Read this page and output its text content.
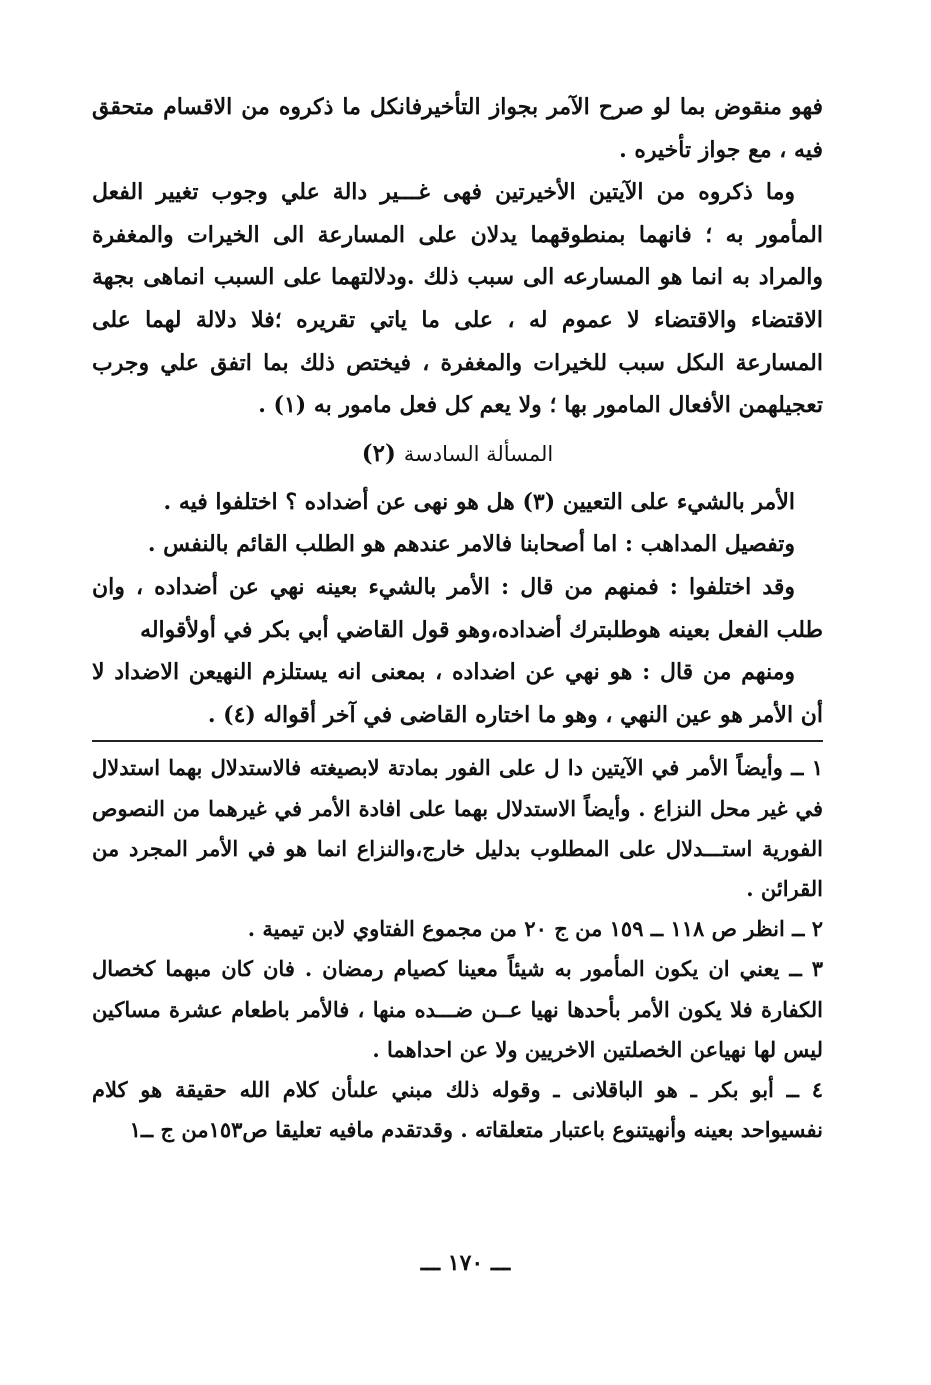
فهو منقوض بما لو صرح الآمر بجواز التأخيرفانكل ما ذكروه من الاقسام متحقق فيه ، مع جواز تأخيره .

وما ذكروه من الآيتين الأخيرتين فهى غـــير دالة علي وجوب تغيير الفعل المأمور به ؛ فانهما بمنطوقهما يدلان على المسارعة الى الخيرات والمغفرة والمراد به انما هو المسارعه الى سبب ذلك .ودلالتهما على السبب انماهى بجهة الاقتضاء والاقتضاء لا عموم له ، على ما ياتي تقريره ؛فلا دلالة لهما على المسارعة الىكل سبب للخيرات والمغفرة ، فيختص ذلك بما اتفق علي وجرب تعجيلهمن الأفعال المامور بها ؛ ولا يعم كل فعل مامور به (١) .

المسألة السادسة (٢)

الأمر بالشيء على التعيين (٣) هل هو نهى عن أضداده ؟ اختلفوا فيه .

وتفصيل المداهب : اما أصحابنا فالامر عندهم هو الطلب القائم بالنفس .

وقد اختلفوا : فمنهم من قال : الأمر بالشيء بعينه نهي عن أضداده ، وان طلب الفعل بعينه هوطلبترك أضداده،وهو قول القاضي أبي بكر في أولأقواله

ومنهم من قال : هو نهي عن اضداده ، بمعنى انه يستلزم النهيعن الاضداد لا أن الأمر هو عين النهي ، وهو ما اختاره القاضى في آخر أقواله (٤) .

١ ــ وأيضاً الأمر في الآيتين دا ل على الفور بمادتة لابصيغته فالاستدلال بهما استدلال في غير محل النزاع . وأيضاً الاستدلال بهما على افادة الأمر في غيرهما من النصوص الفورية استـــدلال على المطلوب بدليل خارج،والنزاع انما هو في الأمر المجرد من القرائن .

٢ ــ انظر ص ١١٨ ــ ١٥٩ من ج ٢٠ من مجموع الفتاوي لابن تيمية .

٣ ــ يعني ان يكون المأمور به شيئاً معينا كصيام رمضان . فان كان مبهما كخصال الكفارة فلا يكون الأمر بأحدها نهيا عــن ضـــده منها ، فالأمر باطعام عشرة مساكين ليس لها نهياعن الخصلتين الاخريين ولا عن احداهما .

٤ ــ أبو بكر ـ هو الباقلانى ـ وقوله ذلك مبني علىأن كلام الله حقيقة هو كلام نفسيواحد بعينه وأنهيتنوع باعتبار متعلقاته . وقدتقدم مافيه تعليقا ص١٥٣من ج ــ١

ـــ ١٧٠ ـــ
